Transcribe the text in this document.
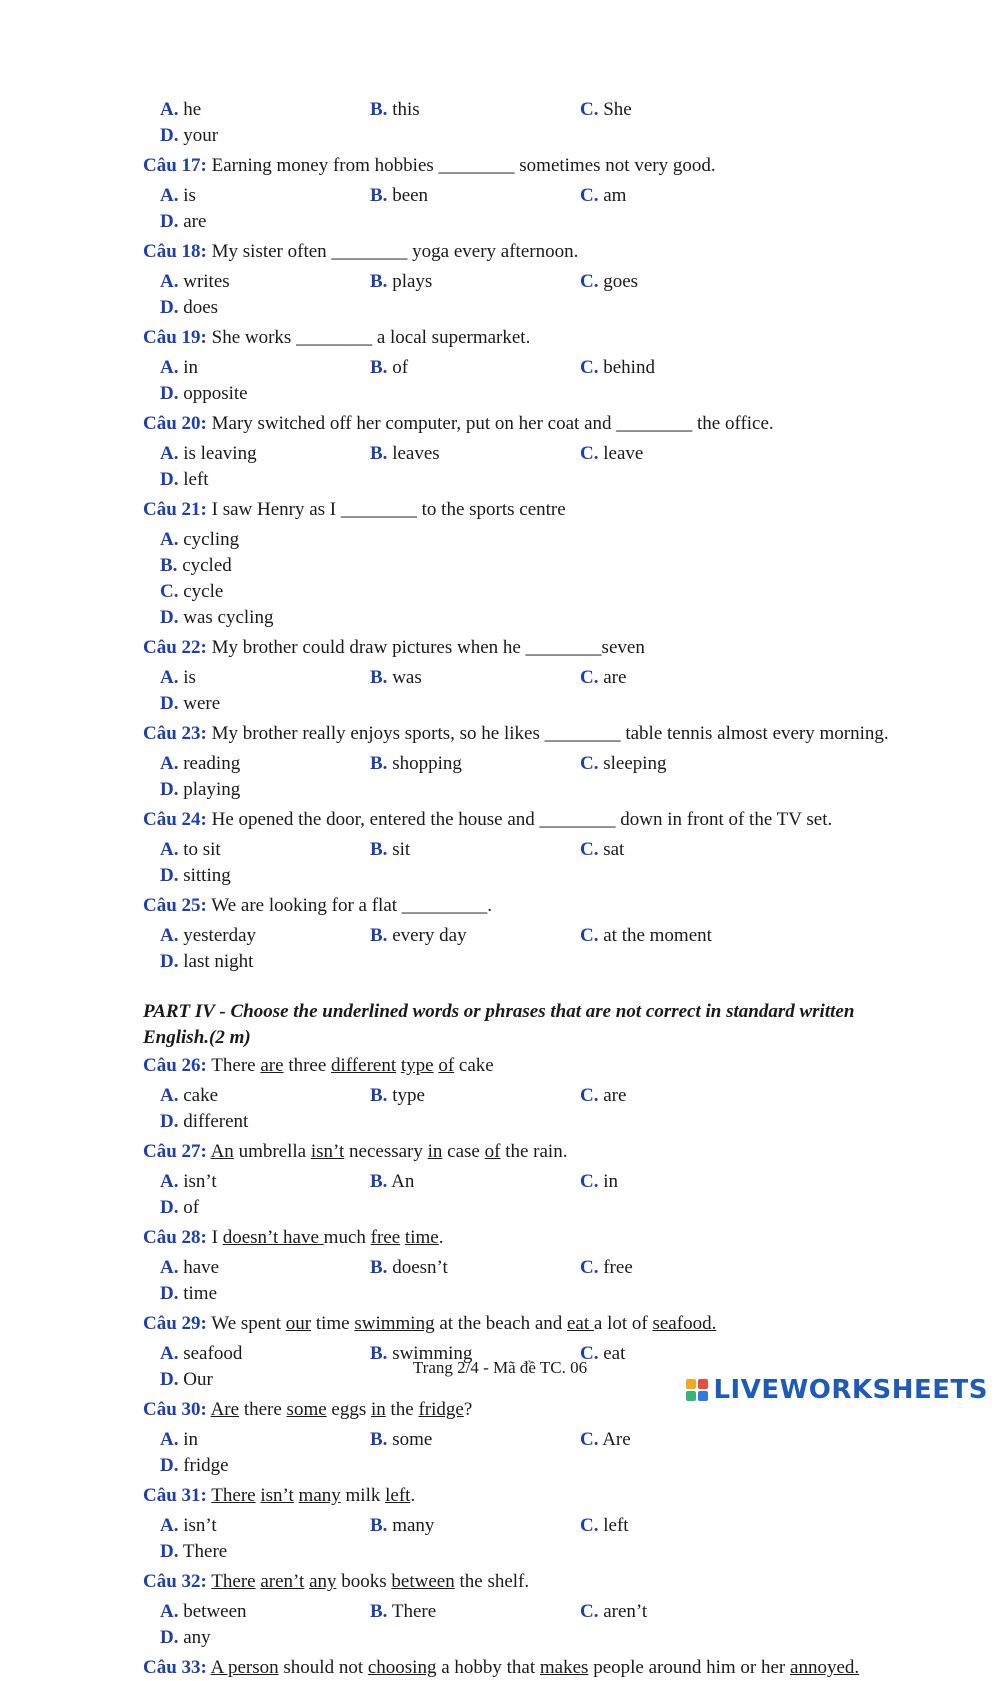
A. he	B. this	C. She
D. your

Câu 17: Earning money from hobbies ________ sometimes not very good.

A. is	B. been	C. am
D. are

Câu 18: My sister often ________ yoga every afternoon.

A. writes	B. plays	C. goes
D. does

Câu 19: She works ________ a local supermarket.

A. in	B. of	C. behind
D. opposite

Câu 20: Mary switched off her computer, put on her coat and ________ the office.

A. is leaving	B. leaves	C. leave
D. left

Câu 21: I saw Henry as I ________ to the sports centre

A. cycling
B. cycled
C. cycle
D. was cycling

Câu 22: My brother could draw pictures when he ________seven

A. is	B. was	C. are
D. were

Câu 23: My brother really enjoys sports, so he likes ________ table tennis almost every morning.

A. reading	B. shopping	C. sleeping
D. playing

Câu 24: He opened the door, entered the house and ________ down in front of the TV set.

A. to sit	B. sit	C. sat
D. sitting

Câu 25: We are looking for a flat _________.

A. yesterday	B. every day	C. at the moment
D. last night

PART IV - Choose the underlined words or phrases that are not correct in standard written English.(2 m)

Câu 26: There are three different type of cake

A. cake	B. type	C. are
D. different

Câu 27: An umbrella isn’t necessary in case of the rain.

A. isn’t	B. An	C. in
D. of

Câu 28: I doesn’t have much free time.

A. have	B. doesn’t	C. free
D. time

Câu 29: We spent our time swimming at the beach and eat a lot of seafood.

A. seafood	B. swimming	C. eat
D. Our

Câu 30: Are there some eggs in the fridge?

A. in	B. some	C. Are
D. fridge

Câu 31: There isn’t many milk left.

A. isn’t	B. many	C. left
D. There

Câu 32: There aren’t any books between the shelf.

A. between	B. There	C. aren’t
D. any

Câu 33: A person should not choosing a hobby that makes people around him or her annoyed.

Trang 2/4 - Mã đề TC. 06
LIVEWORKSHEETS
